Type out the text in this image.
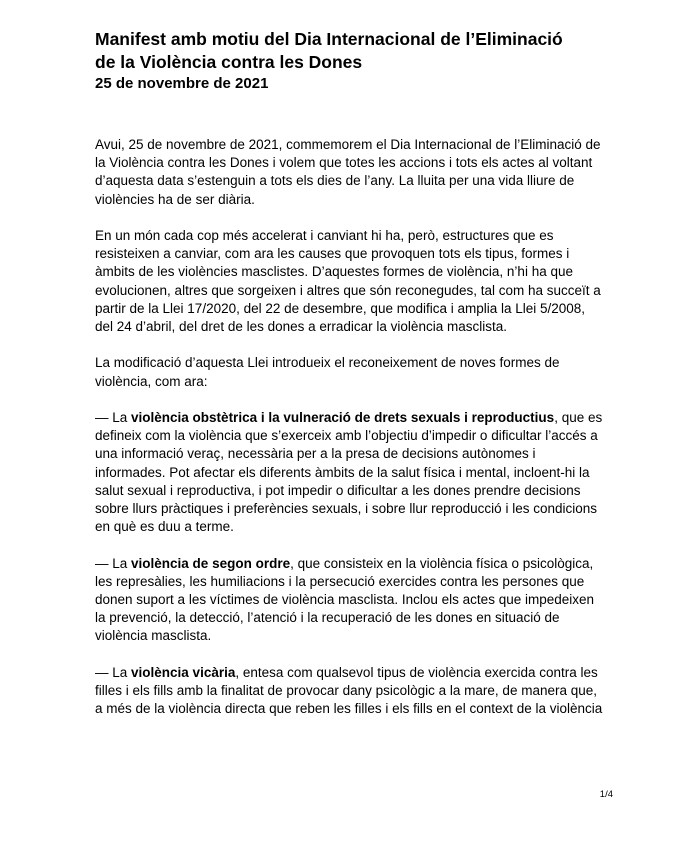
Manifest amb motiu del Dia Internacional de l’Eliminació

de la Violència contra les Dones

25 de novembre de 2021

Avui, 25 de novembre de 2021, commemorem el Dia Internacional de l’Eliminació de
la Violència contra les Dones i volem que totes les accions i tots els actes al voltant
d’aquesta data s’estenguin a tots els dies de l’any. La lluita per una vida lliure de
violències ha de ser diària.

En un món cada cop més accelerat i canviant hi ha, però, estructures que es
resisteixen a canviar, com ara les causes que provoquen tots els tipus, formes i
àmbits de les violències masclistes. D’aquestes formes de violència, n’hi ha que
evolucionen, altres que sorgeixen i altres que són reconegudes, tal com ha succeït a
partir de la Llei 17/2020, del 22 de desembre, que modifica i amplia la Llei 5/2008,
del 24 d’abril, del dret de les dones a erradicar la violència masclista.

La modificació d’aquesta Llei introdueix el reconeixement de noves formes de
violència, com ara:

— La violència obstètrica i la vulneració de drets sexuals i reproductius, que es
defineix com la violència que s’exerceix amb l’objectiu d’impedir o dificultar l’accés a
una informació veraç, necessària per a la presa de decisions autònomes i
informades. Pot afectar els diferents àmbits de la salut física i mental, incloent-hi la
salut sexual i reproductiva, i pot impedir o dificultar a les dones prendre decisions
sobre llurs pràctiques i preferències sexuals, i sobre llur reproducció i les condicions
en què es duu a terme.

— La violència de segon ordre, que consisteix en la violència física o psicològica,
les represàlies, les humiliacions i la persecució exercides contra les persones que
donen suport a les víctimes de violència masclista. Inclou els actes que impedeixen
la prevenció, la detecció, l’atenció i la recuperació de les dones en situació de
violència masclista.

— La violència vicària, entesa com qualsevol tipus de violència exercida contra les
filles i els fills amb la finalitat de provocar dany psicològic a la mare, de manera que,
a més de la violència directa que reben les filles i els fills en el context de la violència

1/4
